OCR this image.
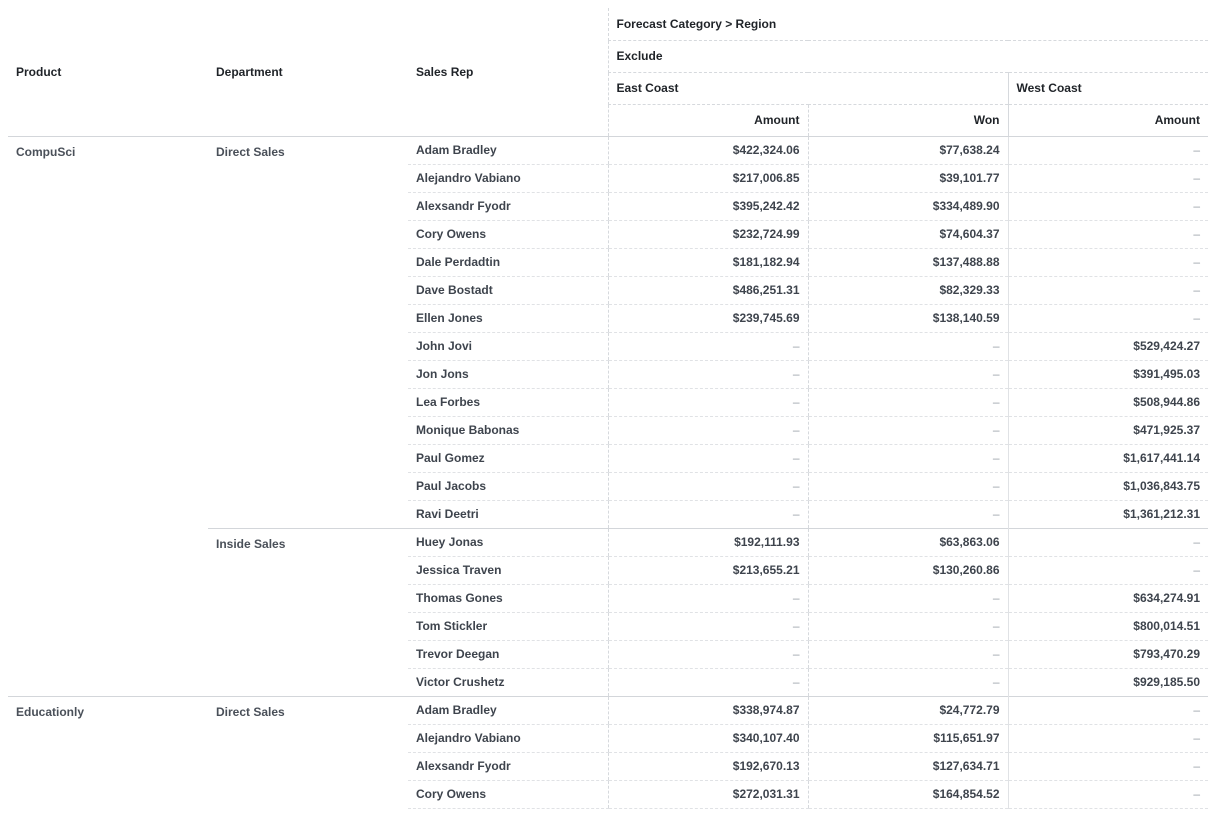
Product	Department	Sales Rep	Forecast Category > Region		
			Exclude		
			East Coast		West Coast
			Amount	Won	Amount
CompuSci	Direct Sales	Adam Bradley	$422,324.06	$77,638.24	–
		Alejandro Vabiano	$217,006.85	$39,101.77	–
		Alexsandr Fyodr	$395,242.42	$334,489.90	–
		Cory Owens	$232,724.99	$74,604.37	–
		Dale Perdadtin	$181,182.94	$137,488.88	–
		Dave Bostadt	$486,251.31	$82,329.33	–
		Ellen Jones	$239,745.69	$138,140.59	–
		John Jovi	–	–	$529,424.27
		Jon Jons	–	–	$391,495.03
		Lea Forbes	–	–	$508,944.86
		Monique Babonas	–	–	$471,925.37
		Paul Gomez	–	–	$1,617,441.14
		Paul Jacobs	–	–	$1,036,843.75
		Ravi Deetri	–	–	$1,361,212.31
	Inside Sales	Huey Jonas	$192,111.93	$63,863.06	–
		Jessica Traven	$213,655.21	$130,260.86	–
		Thomas Gones	–	–	$634,274.91
		Tom Stickler	–	–	$800,014.51
		Trevor Deegan	–	–	$793,470.29
		Victor Crushetz	–	–	$929,185.50
Educationly	Direct Sales	Adam Bradley	$338,974.87	$24,772.79	–
		Alejandro Vabiano	$340,107.40	$115,651.97	–
		Alexsandr Fyodr	$192,670.13	$127,634.71	–
		Cory Owens	$272,031.31	$164,854.52	–
